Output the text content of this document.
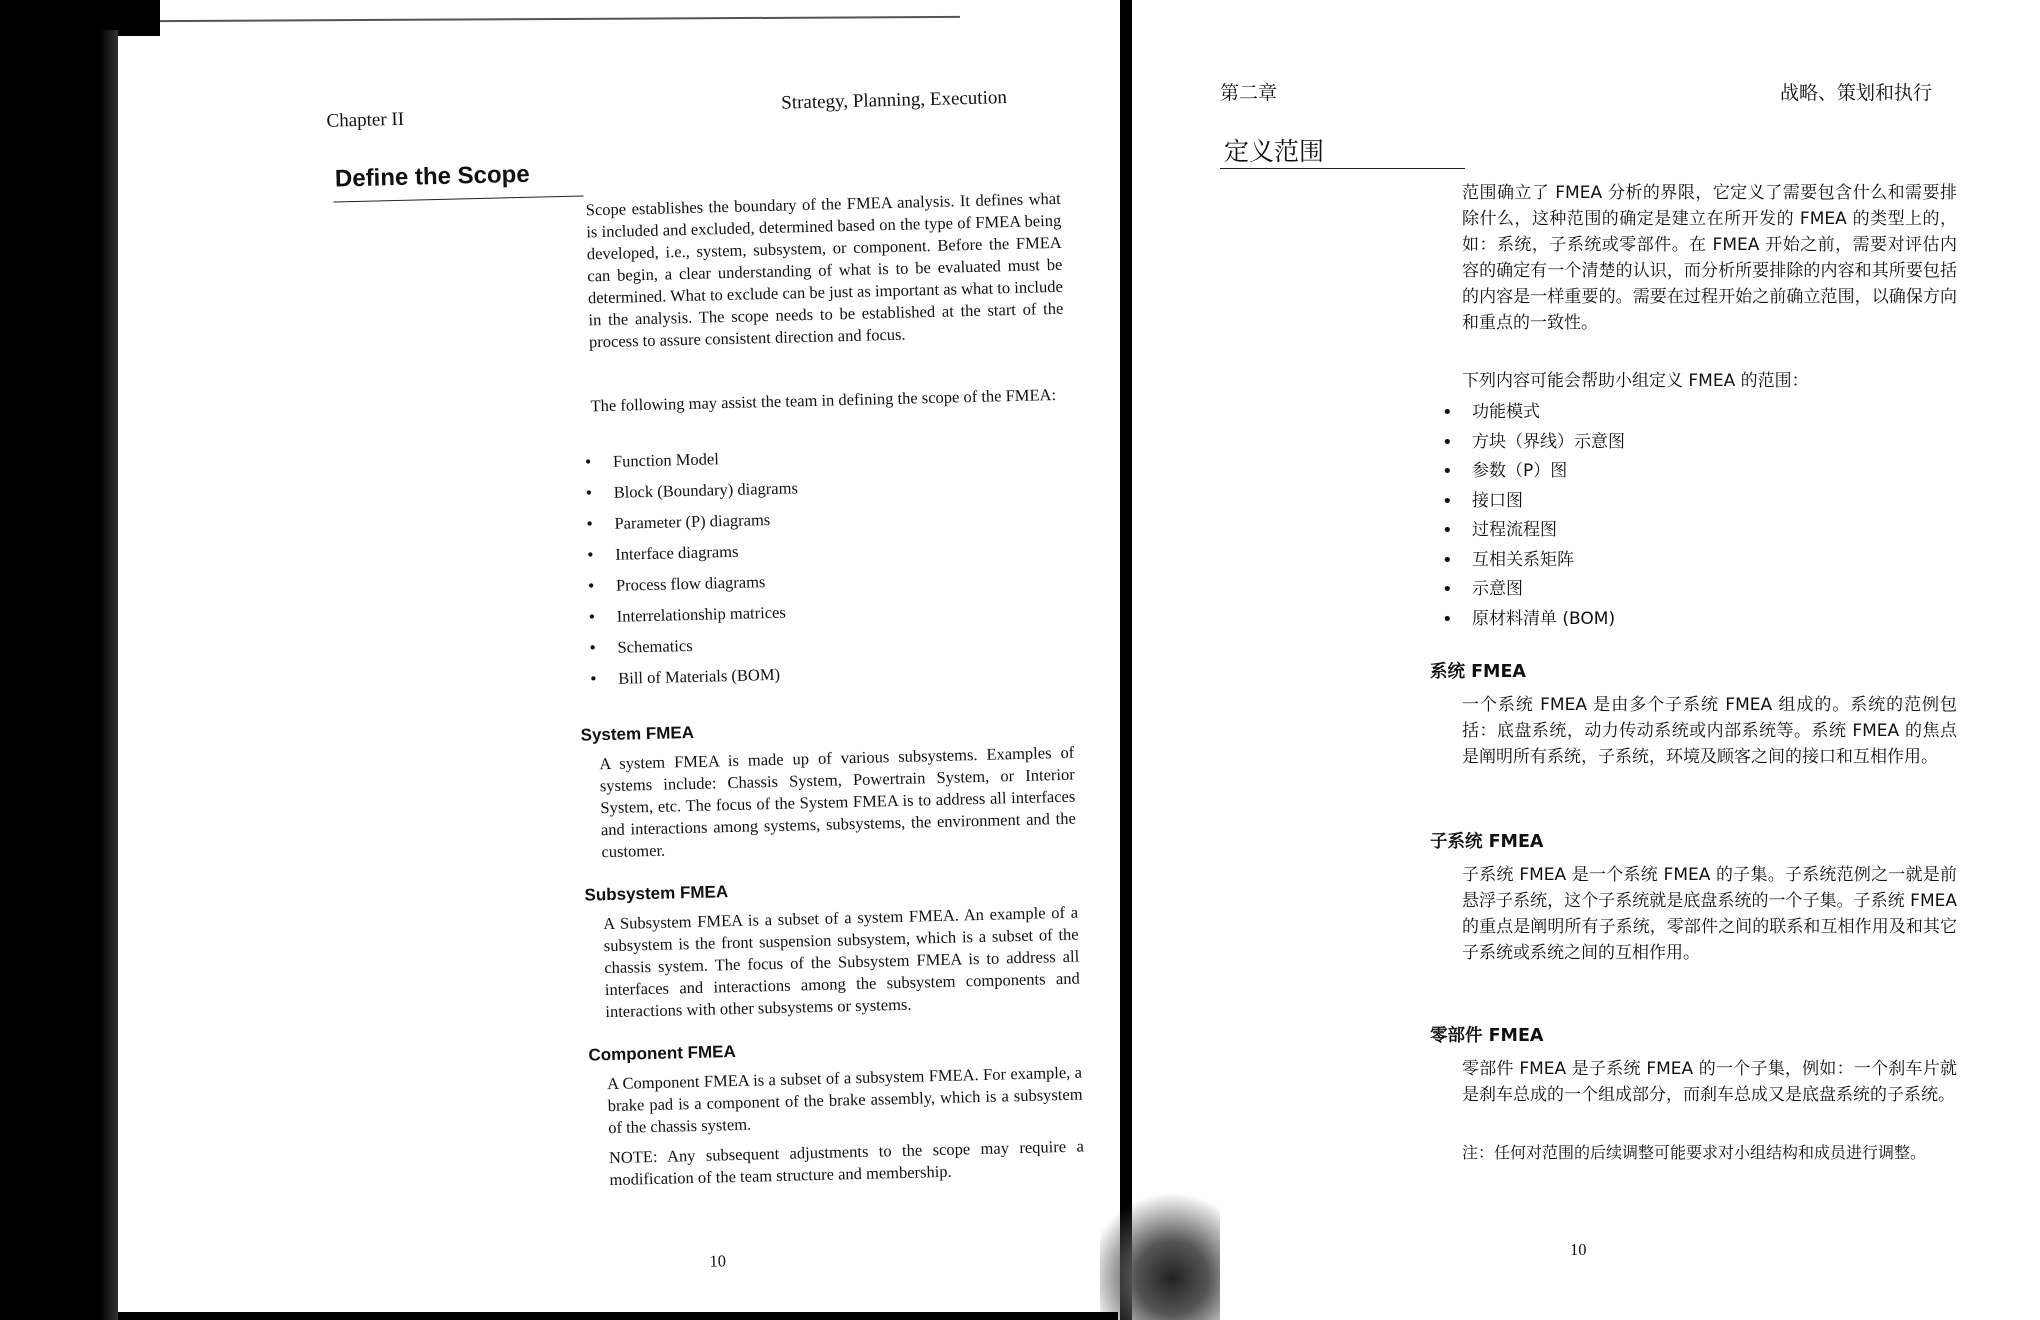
Chapter II
Strategy, Planning, Execution
Define the Scope
Scope establishes the boundary of the FMEA analysis. It defines what is included and excluded, determined based on the type of FMEA being developed, i.e., system, subsystem, or component. Before the FMEA can begin, a clear understanding of what is to be evaluated must be determined. What to exclude can be just as important as what to include in the analysis. The scope needs to be established at the start of the process to assure consistent direction and focus.
The following may assist the team in defining the scope of the FMEA:
• Function Model
• Block (Boundary) diagrams
• Parameter (P) diagrams
• Interface diagrams
• Process flow diagrams
• Interrelationship matrices
• Schematics
• Bill of Materials (BOM)
System FMEA
A system FMEA is made up of various subsystems. Examples of systems include: Chassis System, Powertrain System, or Interior System, etc. The focus of the System FMEA is to address all interfaces and interactions among systems, subsystems, the environment and the customer.
Subsystem FMEA
A Subsystem FMEA is a subset of a system FMEA. An example of a subsystem is the front suspension subsystem, which is a subset of the chassis system. The focus of the Subsystem FMEA is to address all interfaces and interactions among the subsystem components and interactions with other subsystems or systems.
Component FMEA
A Component FMEA is a subset of a subsystem FMEA. For example, a brake pad is a component of the brake assembly, which is a subsystem of the chassis system.
NOTE: Any subsequent adjustments to the scope may require a modification of the team structure and membership.
10
第二章	战略、策划和执行
定义范围
范围确立了 FMEA 分析的界限，它定义了需要包含什么和需要排除什么，这种范围的确定是建立在所开发的 FMEA 的类型上的，如：系统，子系统或零部件。在 FMEA 开始之前，需要对评估内容的确定有一个清楚的认识，而分析所要排除的内容和其所要包括的内容是一样重要的。需要在过程开始之前确立范围，以确保方向和重点的一致性。
下列内容可能会帮助小组定义 FMEA 的范围：
• 功能模式
• 方块（界线）示意图
• 参数（P）图
• 接口图
• 过程流程图
• 互相关系矩阵
• 示意图
• 原材料清单 (BOM)
系统 FMEA
一个系统 FMEA 是由多个子系统 FMEA 组成的。系统的范例包括：底盘系统，动力传动系统或内部系统等。系统 FMEA 的焦点是阐明所有系统，子系统，环境及顾客之间的接口和互相作用。
子系统 FMEA
子系统 FMEA 是一个系统 FMEA 的子集。子系统范例之一就是前悬浮子系统，这个子系统就是底盘系统的一个子集。子系统 FMEA 的重点是阐明所有子系统，零部件之间的联系和互相作用及和其它子系统或系统之间的互相作用。
零部件 FMEA
零部件 FMEA 是子系统 FMEA 的一个子集，例如：一个刹车片就是刹车总成的一个组成部分，而刹车总成又是底盘系统的子系统。
注：任何对范围的后续调整可能要求对小组结构和成员进行调整。
10
